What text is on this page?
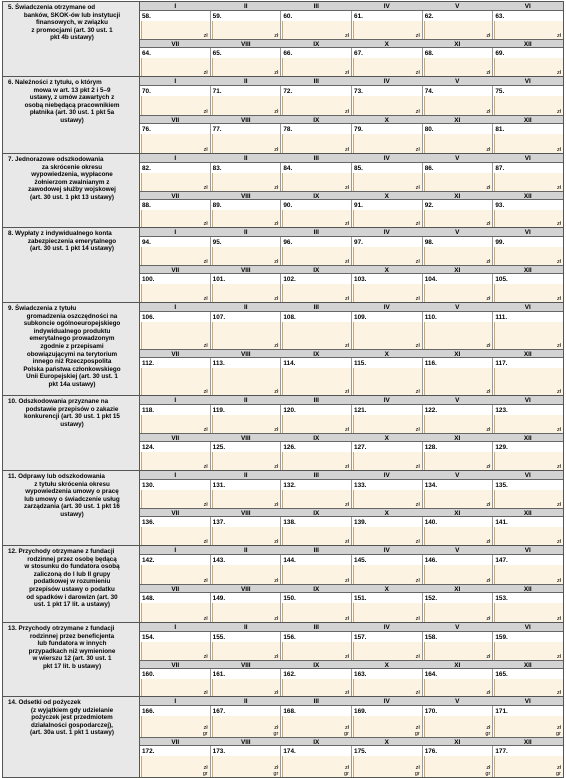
5. Świadczenia otrzymane od
banków, SKOK-ów lub instytucji
finansowych, w związku
z promocjami (art. 30 ust. 1
pkt 4b ustawy)
I	II	III	IV	V	VI
58.
zł
59.
zł
60.
zł
61.
zł
62.
zł
63.
zł
VII	VIII	IX	X	XI	XII
64.
zł
65.
zł
66.
zł
67.
zł
68.
zł
69.
zł
6. Należności z tytułu, o którym
mowa w art. 13 pkt 2 i 5–9
ustawy, z umów zawartych z
osobą niebędącą pracownikiem
płatnika (art. 30 ust. 1 pkt 5a
ustawy)
I	II	III	IV	V	VI
70.
zł
71.
zł
72.
zł
73.
zł
74.
zł
75.
zł
VII	VIII	IX	X	XI	XII
76.
zł
77.
zł
78.
zł
79.
zł
80.
zł
81.
zł
7. Jednorazowe odszkodowania
za skrócenie okresu
wypowiedzenia, wypłacone
żołnierzom zwalnianym z
zawodowej służby wojskowej
(art. 30 ust. 1 pkt 13 ustawy)
I	II	III	IV	V	VI
82.
zł
83.
zł
84.
zł
85.
zł
86.
zł
87.
zł
VII	VIII	IX	X	XI	XII
88.
zł
89.
zł
90.
zł
91.
zł
92.
zł
93.
zł
8. Wypłaty z indywidualnego konta
zabezpieczenia emerytalnego
(art. 30 ust. 1 pkt 14 ustawy)
I	II	III	IV	V	VI
94.
zł
95.
zł
96.
zł
97.
zł
98.
zł
99.
zł
VII	VIII	IX	X	XI	XII
100.
zł
101.
zł
102.
zł
103.
zł
104.
zł
105.
zł
9. Świadczenia z tytułu
gromadzenia oszczędności na
subkoncie ogólnoeuropejskiego
indywidualnego produktu
emerytalnego prowadzonym
zgodnie z przepisami
obowiązującymi na terytorium
innego niż Rzeczpospolita
Polska państwa członkowskiego
Unii Europejskiej (art. 30 ust. 1
pkt 14a ustawy)
I	II	III	IV	V	VI
106.
zł
107.
zł
108.
zł
109.
zł
110.
zł
111.
zł
VII	VIII	IX	X	XI	XII
112.
zł
113.
zł
114.
zł
115.
zł
116.
zł
117.
zł
10. Odszkodowania przyznane na
podstawie przepisów o zakazie
konkurencji (art. 30 ust. 1 pkt 15
ustawy)
I	II	III	IV	V	VI
118.
zł
119.
zł
120.
zł
121.
zł
122.
zł
123.
zł
VII	VIII	IX	X	XI	XII
124.
zł
125.
zł
126.
zł
127.
zł
128.
zł
129.
zł
11. Odprawy lub odszkodowania
z tytułu skrócenia okresu
wypowiedzenia umowy o pracę
lub umowy o świadczenie usług
zarządzania (art. 30 ust. 1 pkt 16
ustawy)
I	II	III	IV	V	VI
130.
zł
131.
zł
132.
zł
133.
zł
134.
zł
135.
zł
VII	VIII	IX	X	XI	XII
136.
zł
137.
zł
138.
zł
139.
zł
140.
zł
141.
zł
12. Przychody otrzymane z fundacji
rodzinnej przez osobę będącą
w stosunku do fundatora osobą
zaliczoną do I lub II grupy
podatkowej w rozumieniu
przepisów ustawy o podatku
od spadków i darowizn (art. 30
ust. 1 pkt 17 lit. a ustawy)
I	II	III	IV	V	VI
142.
zł
143.
zł
144.
zł
145.
zł
146.
zł
147.
zł
VII	VIII	IX	X	XI	XII
148.
zł
149.
zł
150.
zł
151.
zł
152.
zł
153.
zł
13. Przychody otrzymane z fundacji
rodzinnej przez beneficjenta
lub fundatora w innych
przypadkach niż wymienione
w wierszu 12 (art. 30 ust. 1
pkt 17 lit. b ustawy)
I	II	III	IV	V	VI
154.
zł
155.
zł
156.
zł
157.
zł
158.
zł
159.
zł
VII	VIII	IX	X	XI	XII
160.
zł
161.
zł
162.
zł
163.
zł
164.
zł
165.
zł
14. Odsetki od pożyczek
(z wyjątkiem gdy udzielanie
pożyczek jest przedmiotem
działalności gospodarczej),
(art. 30a ust. 1 pkt 1 ustawy)
I	II	III	IV	V	VI
166.
zł
gr
167.
zł
gr
168.
zł
gr
169.
zł
gr
170.
zł
gr
171.
zł
gr
VII	VIII	IX	X	XI	XII
172.
zł
gr
173.
zł
gr
174.
zł
gr
175.
zł
gr
176.
zł
gr
177.
zł
gr
